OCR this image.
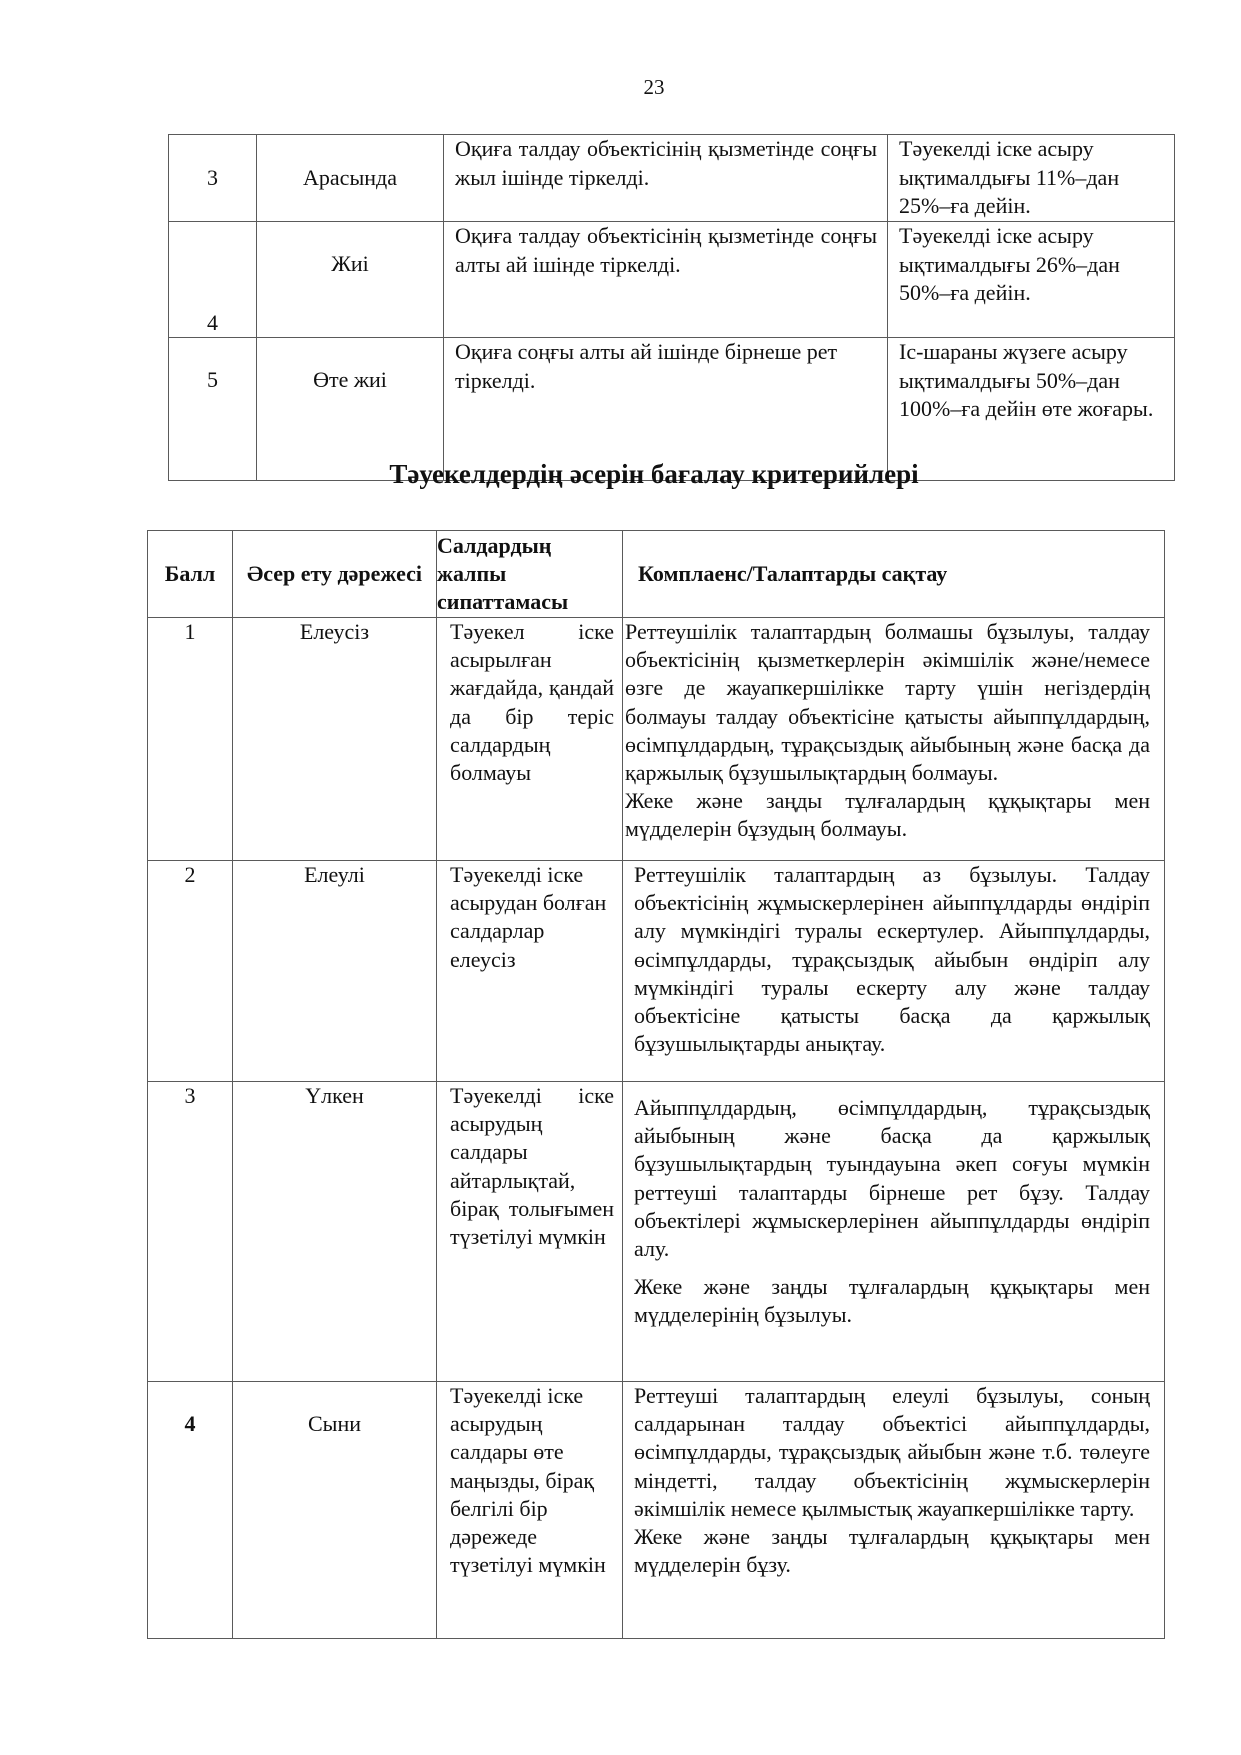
23
3	Арасында	Оқиға талдау объектісінің қызметінде соңғы жыл ішінде тіркелді.	Тәуекелді іске асыру ықтималдығы 11%–дан 25%–ға дейін.
4	Жиі	Оқиға талдау объектісінің қызметінде соңғы алты ай ішінде тіркелді.	Тәуекелді іске асыру ықтималдығы 26%–дан 50%–ға дейін.
5	Өте жиі	Оқиға соңғы алты ай ішінде бірнеше рет тіркелді.	Іс-шараны жүзеге асыру ықтималдығы 50%–дан 100%–ға дейін өте жоғары.
Тәуекелдердің әсерін бағалау критерийлері
Балл	Әсер ету дәрежесі	Салдардың жалпы сипаттамасы	Комплаенс/Талаптарды сақтау
1	Елеусіз	Тәуекел іске асырылған жағдайда, қандай да бір теріс салдардың болмауы	Реттеушілік талаптардың болмашы бұзылуы, талдау объектісінің қызметкерлерін әкімшілік және/немесе өзге де жауапкершілікке тарту үшін негіздердің болмауы талдау объектісіне қатысты айыппұлдардың, өсімпұлдардың, тұрақсыздық айыбының және басқа да қаржылық бұзушылықтардың болмауы.
Жеке және заңды тұлғалардың құқықтары мен мүдделерін бұзудың болмауы.

2	Елеулі	Тәуекелді іске асырудан болған салдарлар елеусіз	Реттеушілік талаптардың аз бұзылуы. Талдау объектісінің жұмыскерлерінен айыппұлдарды өндіріп алу мүмкіндігі туралы ескертулер. Айыппұлдарды, өсімпұлдарды, тұрақсыздық айыбын өндіріп алу мүмкіндігі туралы ескерту алу және талдау объектісіне қатысты басқа да қаржылық бұзушылықтарды анықтау.

3	Үлкен	Тәуекелді іске асырудың салдары айтарлықтай, бірақ толығымен түзетілуі мүмкін	Айыппұлдардың, өсімпұлдардың, тұрақсыздық айыбының және басқа да қаржылық бұзушылықтардың туындауына әкеп соғуы мүмкін реттеуші талаптарды бірнеше рет бұзу. Талдау объектілері жұмыскерлерінен айыппұлдарды өндіріп алу.
Жеке және заңды тұлғалардың құқықтары мен мүдделерінің бұзылуы.

4	Сыни	Тәуекелді іске асырудың салдары өте маңызды, бірақ белгілі бір дәрежеде түзетілуі мүмкін	Реттеуші талаптардың елеулі бұзылуы, соның салдарынан талдау объектісі айыппұлдарды, өсімпұлдарды, тұрақсыздық айыбын және т.б. төлеуге міндетті, талдау объектісінің жұмыскерлерін әкімшілік немесе қылмыстық жауапкершілікке тарту.
Жеке және заңды тұлғалардың құқықтары мен мүдделерін бұзу.
